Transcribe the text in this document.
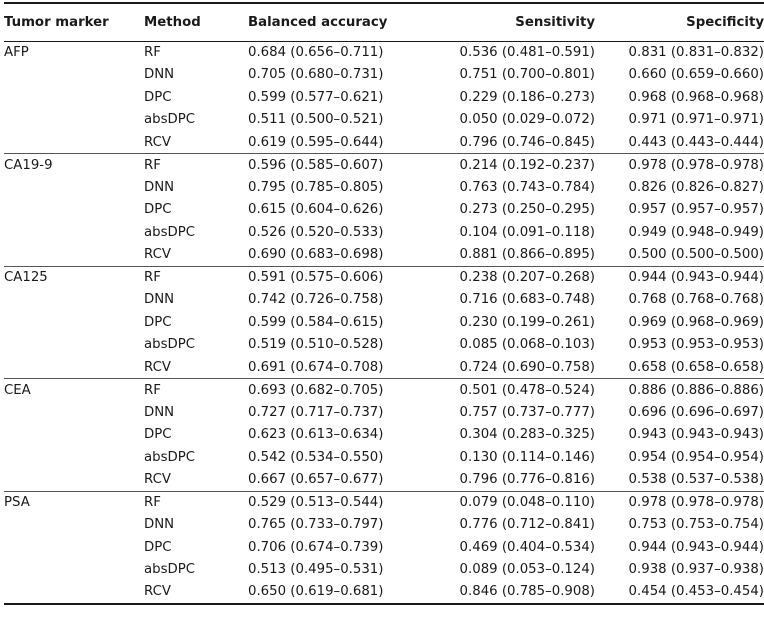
Tumor marker	Method	Balanced accuracy	Sensitivity	Specificity
AFP	RF	0.684 (0.656–0.711)	0.536 (0.481–0.591)	0.831 (0.831–0.832)
	DNN	0.705 (0.680–0.731)	0.751 (0.700–0.801)	0.660 (0.659–0.660)
	DPC	0.599 (0.577–0.621)	0.229 (0.186–0.273)	0.968 (0.968–0.968)
	absDPC	0.511 (0.500–0.521)	0.050 (0.029–0.072)	0.971 (0.971–0.971)
	RCV	0.619 (0.595–0.644)	0.796 (0.746–0.845)	0.443 (0.443–0.444)
CA19-9	RF	0.596 (0.585–0.607)	0.214 (0.192–0.237)	0.978 (0.978–0.978)
	DNN	0.795 (0.785–0.805)	0.763 (0.743–0.784)	0.826 (0.826–0.827)
	DPC	0.615 (0.604–0.626)	0.273 (0.250–0.295)	0.957 (0.957–0.957)
	absDPC	0.526 (0.520–0.533)	0.104 (0.091–0.118)	0.949 (0.948–0.949)
	RCV	0.690 (0.683–0.698)	0.881 (0.866–0.895)	0.500 (0.500–0.500)
CA125	RF	0.591 (0.575–0.606)	0.238 (0.207–0.268)	0.944 (0.943–0.944)
	DNN	0.742 (0.726–0.758)	0.716 (0.683–0.748)	0.768 (0.768–0.768)
	DPC	0.599 (0.584–0.615)	0.230 (0.199–0.261)	0.969 (0.968–0.969)
	absDPC	0.519 (0.510–0.528)	0.085 (0.068–0.103)	0.953 (0.953–0.953)
	RCV	0.691 (0.674–0.708)	0.724 (0.690–0.758)	0.658 (0.658–0.658)
CEA	RF	0.693 (0.682–0.705)	0.501 (0.478–0.524)	0.886 (0.886–0.886)
	DNN	0.727 (0.717–0.737)	0.757 (0.737–0.777)	0.696 (0.696–0.697)
	DPC	0.623 (0.613–0.634)	0.304 (0.283–0.325)	0.943 (0.943–0.943)
	absDPC	0.542 (0.534–0.550)	0.130 (0.114–0.146)	0.954 (0.954–0.954)
	RCV	0.667 (0.657–0.677)	0.796 (0.776–0.816)	0.538 (0.537–0.538)
PSA	RF	0.529 (0.513–0.544)	0.079 (0.048–0.110)	0.978 (0.978–0.978)
	DNN	0.765 (0.733–0.797)	0.776 (0.712–0.841)	0.753 (0.753–0.754)
	DPC	0.706 (0.674–0.739)	0.469 (0.404–0.534)	0.944 (0.943–0.944)
	absDPC	0.513 (0.495–0.531)	0.089 (0.053–0.124)	0.938 (0.937–0.938)
	RCV	0.650 (0.619–0.681)	0.846 (0.785–0.908)	0.454 (0.453–0.454)
